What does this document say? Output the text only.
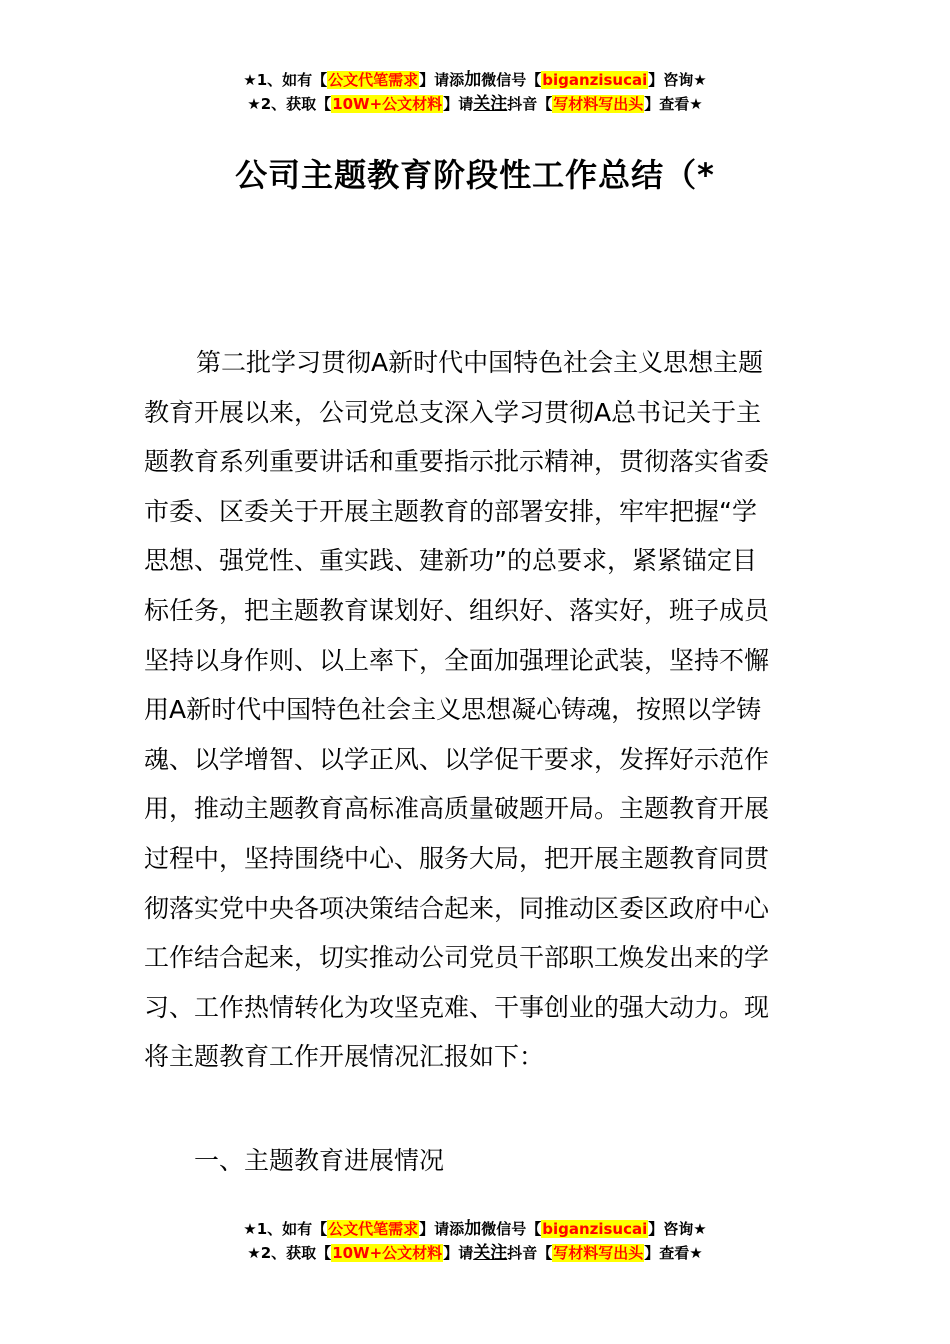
★1、如有【公文代笔需求】请添加微信号【biganzisucai】咨询★
★2、获取【10W+公文材料】请关注抖音【写材料写出头】查看★
公司主题教育阶段性工作总结（*
第二批学习贯彻A新时代中国特色社会主义思想主题
教育开展以来，公司党总支深入学习贯彻A总书记关于主
题教育系列重要讲话和重要指示批示精神，贯彻落实省委
市委、区委关于开展主题教育的部署安排，牢牢把握“学
思想、强党性、重实践、建新功”的总要求，紧紧锚定目
标任务，把主题教育谋划好、组织好、落实好，班子成员
坚持以身作则、以上率下，全面加强理论武装，坚持不懈
用A新时代中国特色社会主义思想凝心铸魂，按照以学铸
魂、以学增智、以学正风、以学促干要求，发挥好示范作
用，推动主题教育高标准高质量破题开局。主题教育开展
过程中，坚持围绕中心、服务大局，把开展主题教育同贯
彻落实党中央各项决策结合起来，同推动区委区政府中心
工作结合起来，切实推动公司党员干部职工焕发出来的学
习、工作热情转化为攻坚克难、干事创业的强大动力。现
将主题教育工作开展情况汇报如下：
一、主题教育进展情况
★1、如有【公文代笔需求】请添加微信号【biganzisucai】咨询★
★2、获取【10W+公文材料】请关注抖音【写材料写出头】查看★
